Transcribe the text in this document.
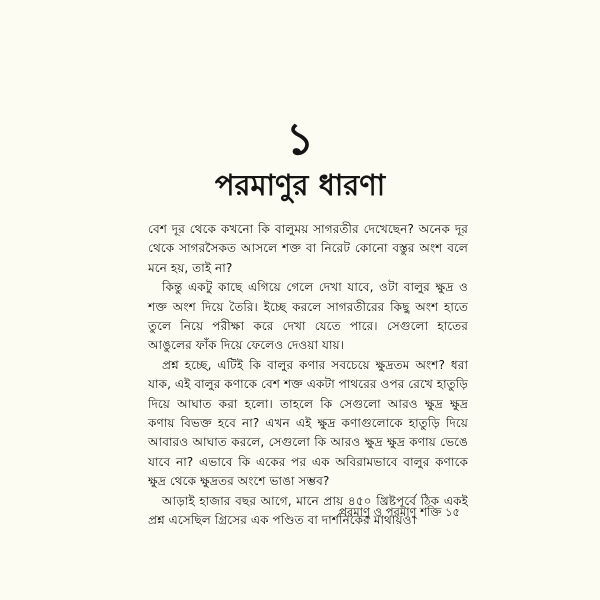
১
পরমাণুর ধারণা

বেশ দূর থেকে কখনো কি বালুময় সাগরতীর দেখেছেন? অনেক দূর থেকে সাগরসৈকত আসলে শক্ত বা নিরেট কোনো বস্তুর অংশ বলে মনে হয়, তাই না?

কিন্তু একটু কাছে এগিয়ে গেলে দেখা যাবে, ওটা বালুর ক্ষুদ্র ও শক্ত অংশ দিয়ে তৈরি। ইচ্ছে করলে সাগরতীরের কিছু অংশ হাতে তুলে নিয়ে পরীক্ষা করে দেখা যেতে পারে। সেগুলো হাতের আঙুলের ফাঁক দিয়ে ফেলেও দেওয়া যায়।

প্রশ্ন হচ্ছে, এটিই কি বালুর কণার সবচেয়ে ক্ষুদ্রতম অংশ? ধরা যাক, এই বালুর কণাকে বেশ শক্ত একটা পাথরের ওপর রেখে হাতুড়ি দিয়ে আঘাত করা হলো। তাহলে কি সেগুলো আরও ক্ষুদ্র ক্ষুদ্র কণায় বিভক্ত হবে না? এখন এই ক্ষুদ্র কণাগুলোকে হাতুড়ি দিয়ে আবারও আঘাত করলে, সেগুলো কি আরও ক্ষুদ্র ক্ষুদ্র কণায় ভেঙে যাবে না? এভাবে কি একের পর এক অবিরামভাবে বালুর কণাকে ক্ষুদ্র থেকে ক্ষুদ্রতর অংশে ভাঙা সম্ভব?

আড়াই হাজার বছর আগে, মানে প্রায় ৪৫০ খ্রিষ্টপূর্বে ঠিক একই প্রশ্ন এসেছিল গ্রিসের এক পণ্ডিত বা দার্শনিকের মাথায়ও।

পরমাণু ও পরমাণু শক্তি ১৫
